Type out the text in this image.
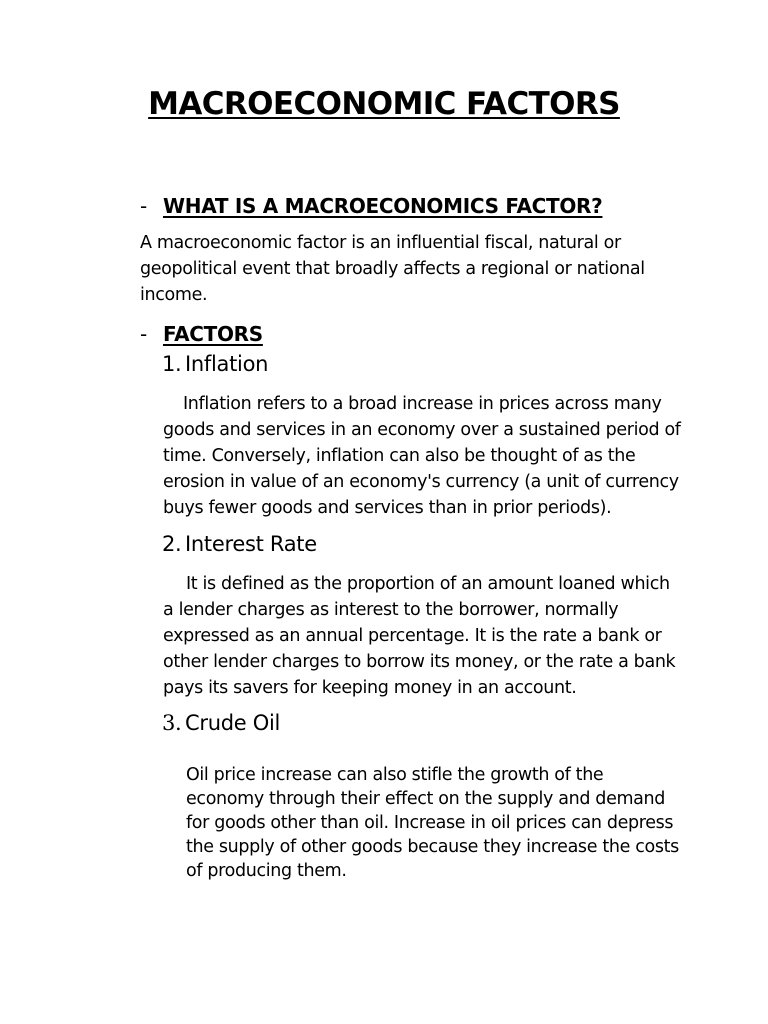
MACROECONOMIC FACTORS
- WHAT IS A MACROECONOMICS FACTOR?
A macroeconomic factor is an influential fiscal, natural or
geopolitical event that broadly affects a regional or national
income.
- FACTORS
1. Inflation
Inflation refers to a broad increase in prices across many
goods and services in an economy over a sustained period of
time. Conversely, inflation can also be thought of as the
erosion in value of an economy's currency (a unit of currency
buys fewer goods and services than in prior periods).
2. Interest Rate
It is defined as the proportion of an amount loaned which
a lender charges as interest to the borrower, normally
expressed as an annual percentage. It is the rate a bank or
other lender charges to borrow its money, or the rate a bank
pays its savers for keeping money in an account.
3. Crude Oil
Oil price increase can also stifle the growth of the
economy through their effect on the supply and demand
for goods other than oil. Increase in oil prices can depress
the supply of other goods because they increase the costs
of producing them.
